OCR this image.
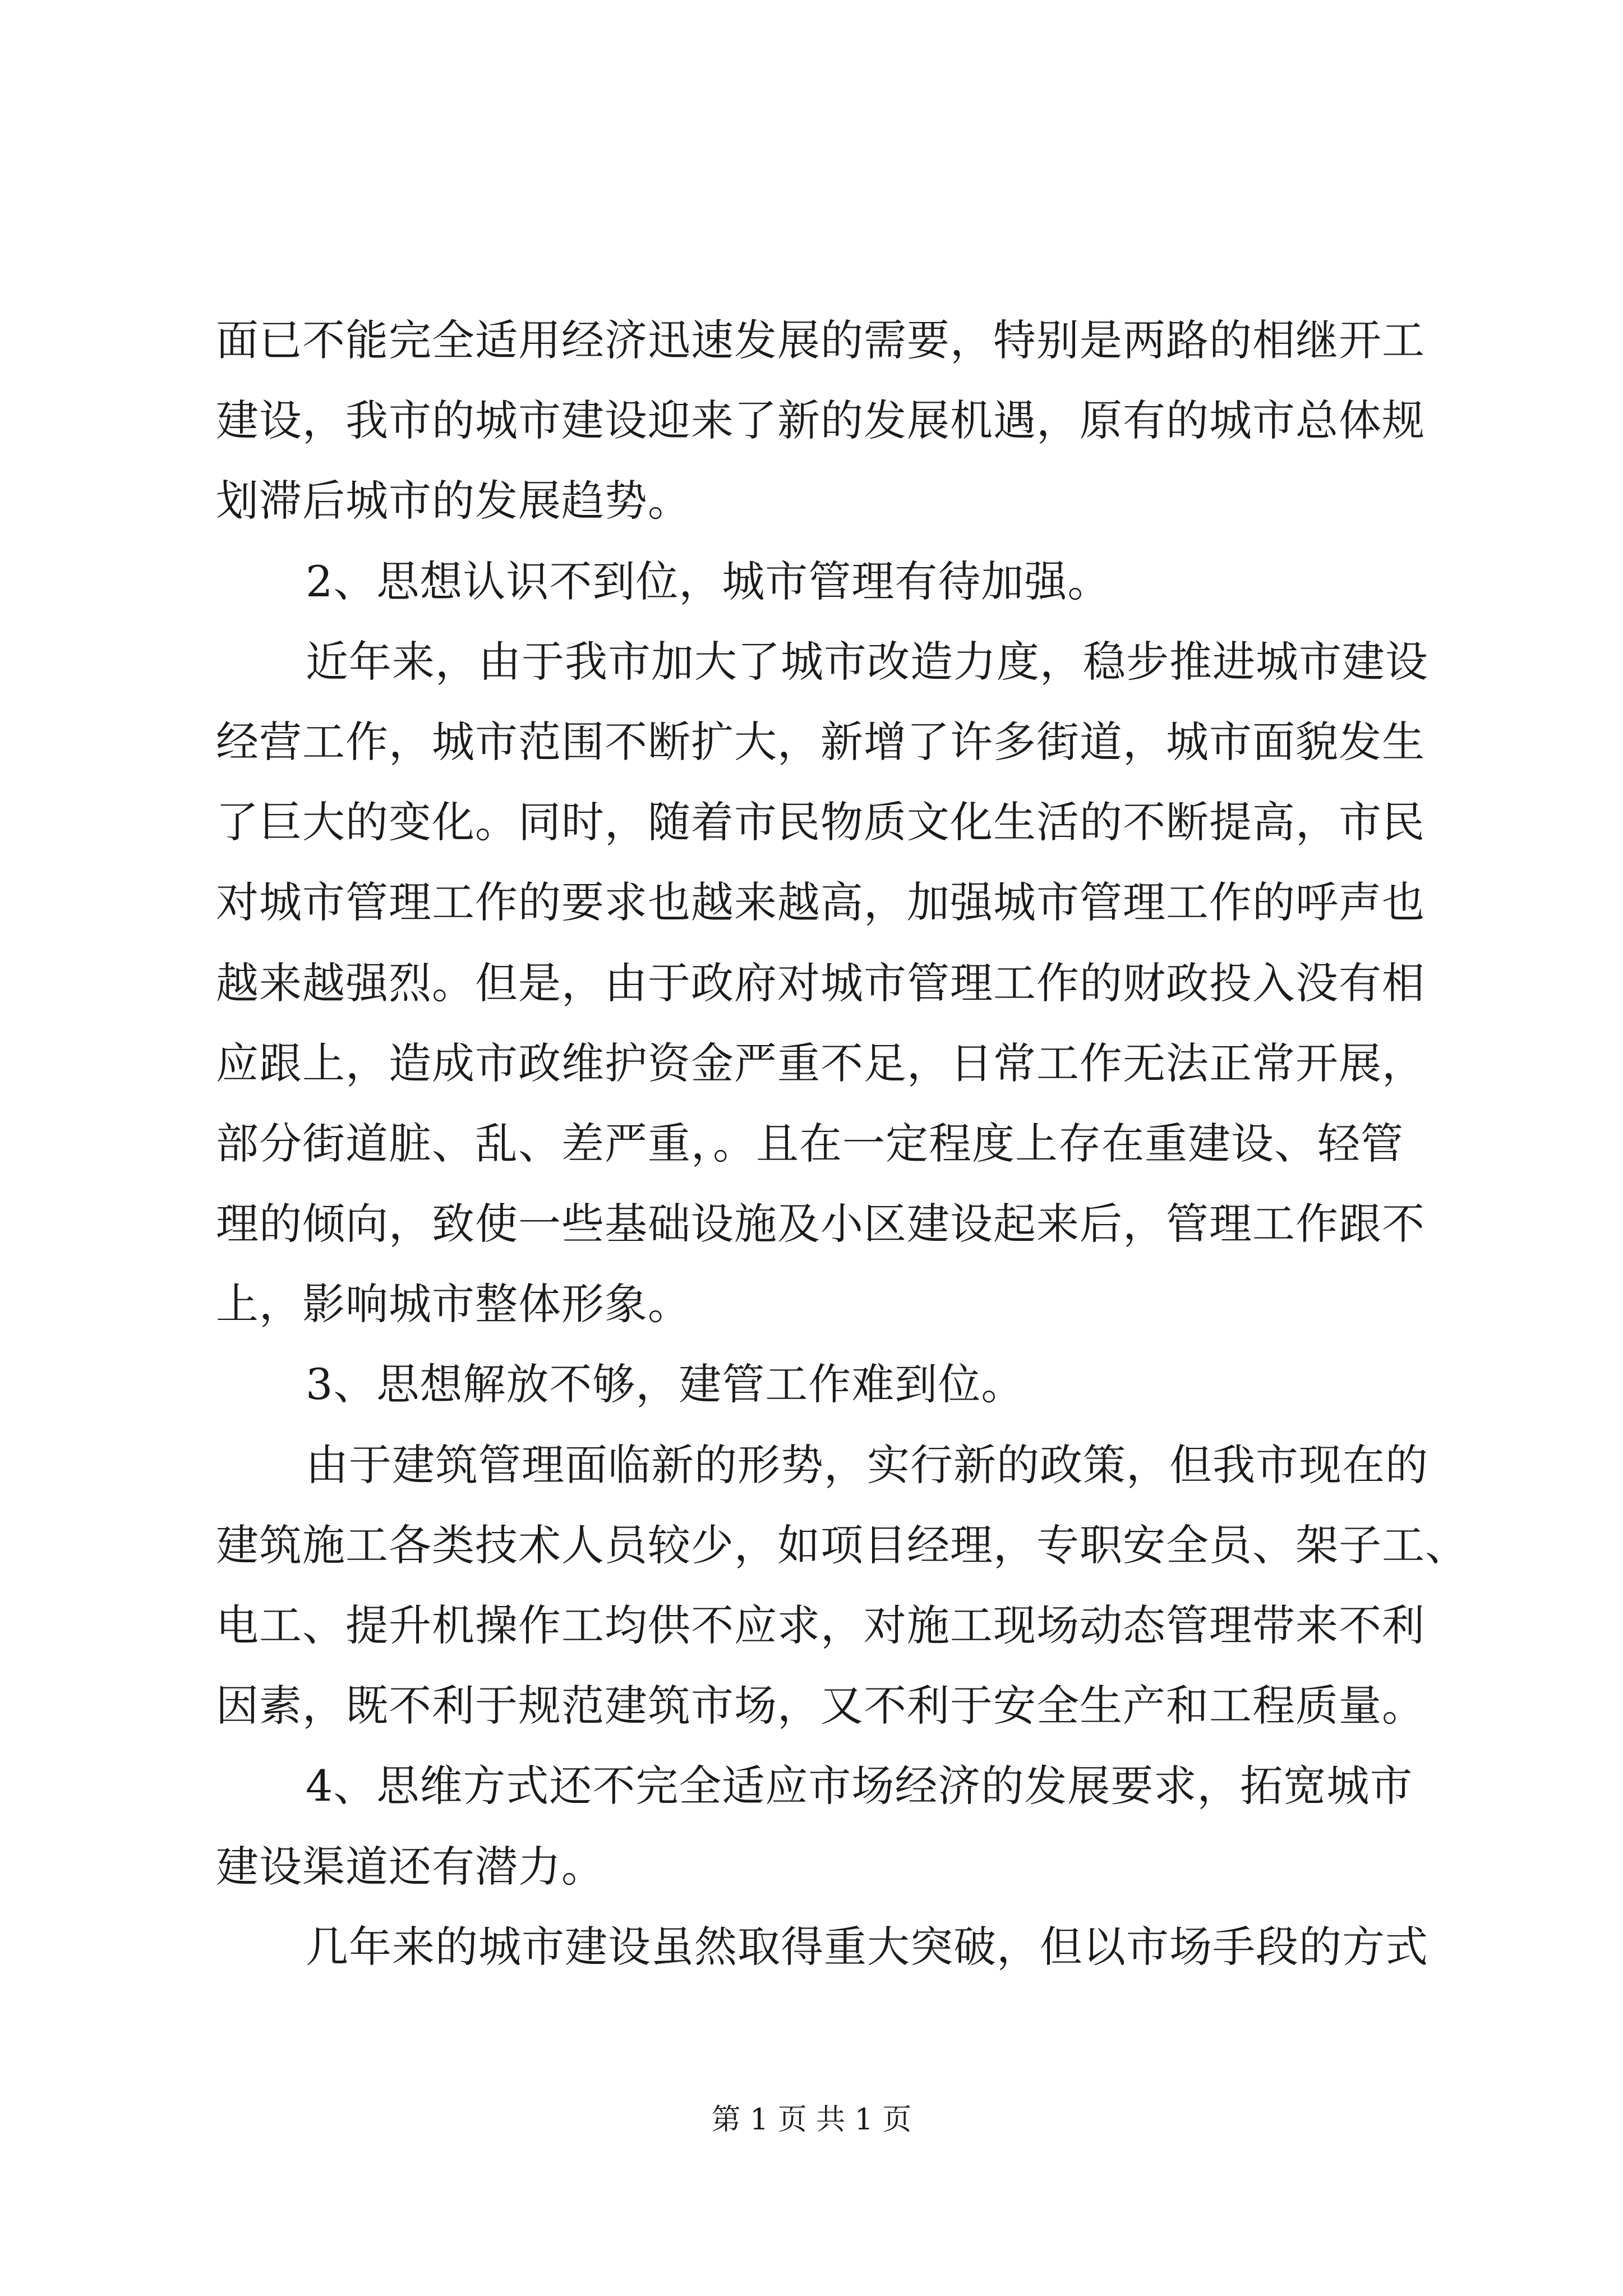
面已不能完全适用经济迅速发展的需要，特别是两路的相继开工
建设，我市的城市建设迎来了新的发展机遇，原有的城市总体规
划滞后城市的发展趋势。
2、思想认识不到位，城市管理有待加强。
近年来，由于我市加大了城市改造力度，稳步推进城市建设
经营工作，城市范围不断扩大，新增了许多街道，城市面貌发生
了巨大的变化。同时，随着市民物质文化生活的不断提高，市民
对城市管理工作的要求也越来越高，加强城市管理工作的呼声也
越来越强烈。但是，由于政府对城市管理工作的财政投入没有相
应跟上，造成市政维护资金严重不足，日常工作无法正常开展，
部分街道脏、乱、差严重，。且在一定程度上存在重建设、轻管
理的倾向，致使一些基础设施及小区建设起来后，管理工作跟不
上，影响城市整体形象。
3、思想解放不够，建管工作难到位。
由于建筑管理面临新的形势，实行新的政策，但我市现在的
建筑施工各类技术人员较少，如项目经理，专职安全员、架子工、
电工、提升机操作工均供不应求，对施工现场动态管理带来不利
因素，既不利于规范建筑市场，又不利于安全生产和工程质量。
4、思维方式还不完全适应市场经济的发展要求，拓宽城市
建设渠道还有潜力。
几年来的城市建设虽然取得重大突破，但以市场手段的方式
第 1 页 共 1 页
